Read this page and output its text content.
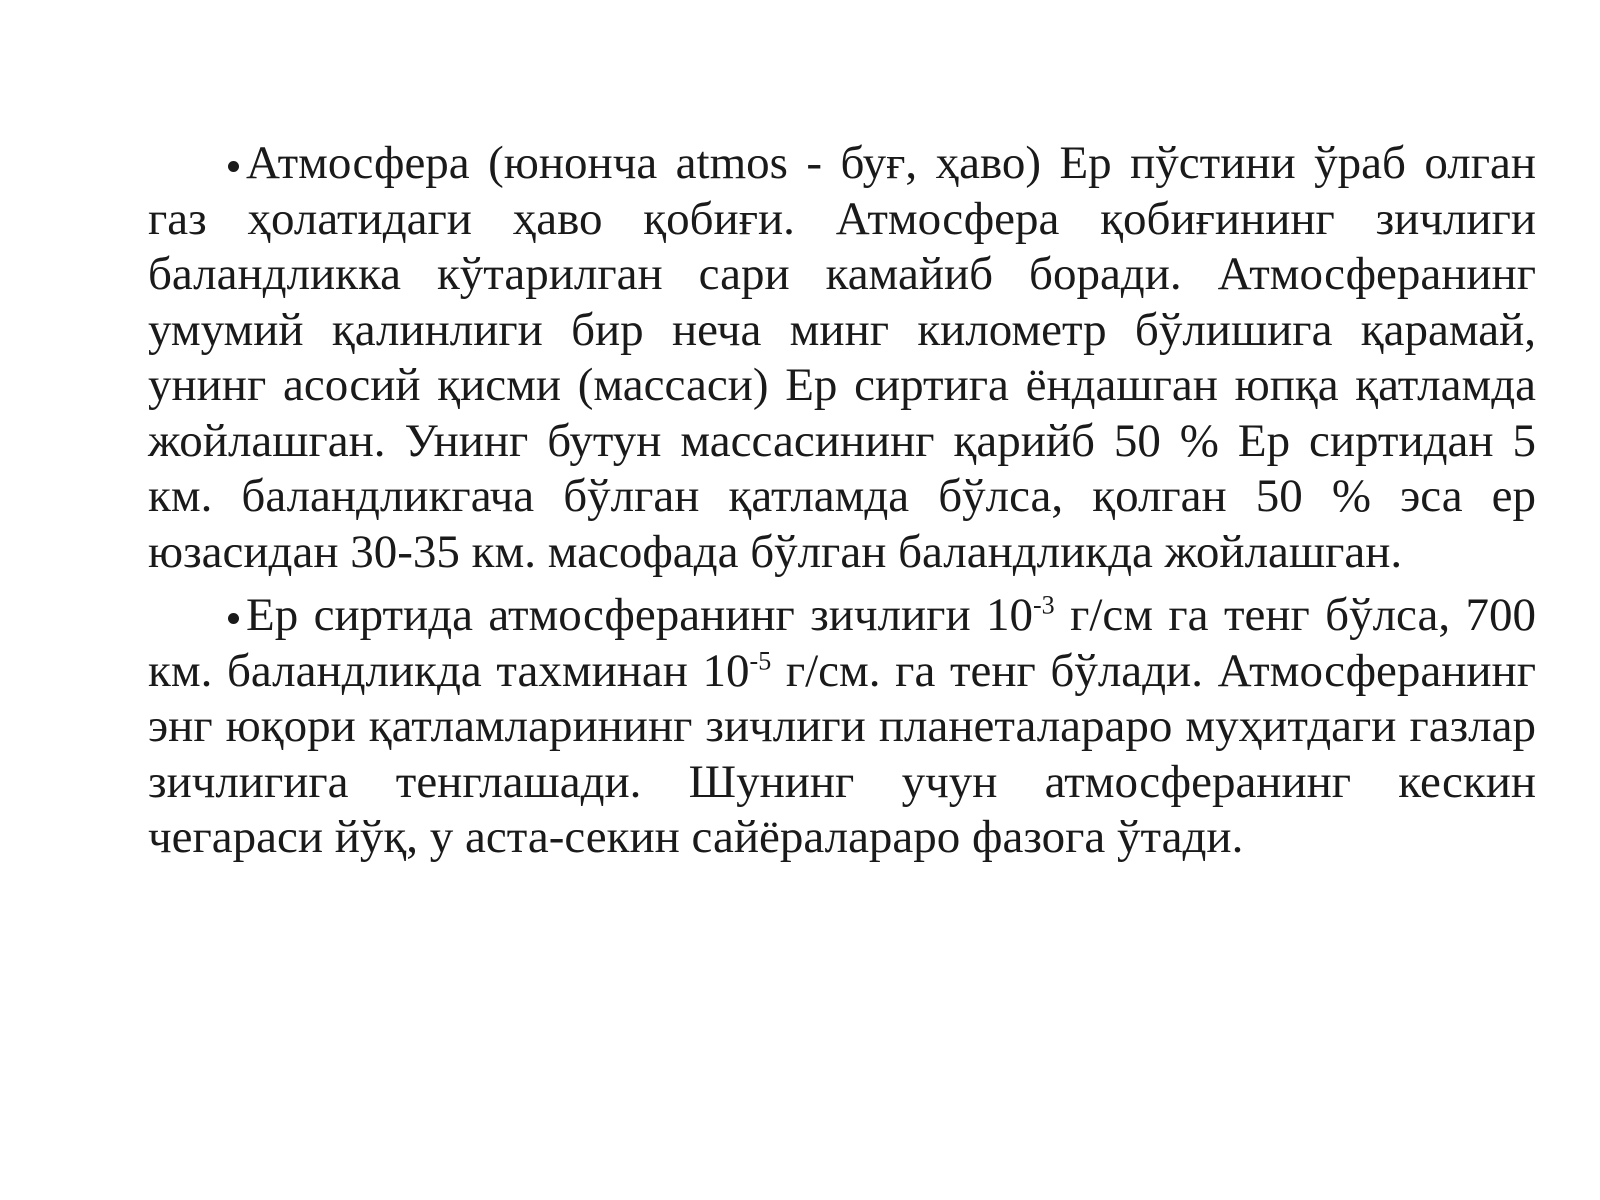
Атмосфера (юнонча atmos - буғ, ҳаво) Ер пўстини ўраб олган газ ҳолатидаги ҳаво қобиғи. Атмосфера қобиғининг зичлиги баландликка кўтарилган сари камайиб боради. Атмосферанинг умумий қалинлиги бир неча минг километр бўлишига қарамай, унинг асосий қисми (массаси) Ер сиртига ёндашган юпқа қатламда жойлашган. Унинг бутун массасининг қарийб 50 % Ер сиртидан 5 км. баландликгача бўлган қатламда бўлса, қолган 50 % эса ер юзасидан 30-35 км. масофада бўлган баландликда жойлашган.

Ер сиртида атмосферанинг зичлиги $10^{-3}$ г/см га тенг бўлса, 700 км. баландликда тахминан $10^{-5}$ г/см. га тенг бўлади. Атмосферанинг энг юқори қатламларининг зичлиги планеталараро муҳитдаги газлар зичлигига тенглашади. Шунинг учун атмосферанинг кескин чегараси йўқ, у аста-секин сайёралараро фазога ўтади.
